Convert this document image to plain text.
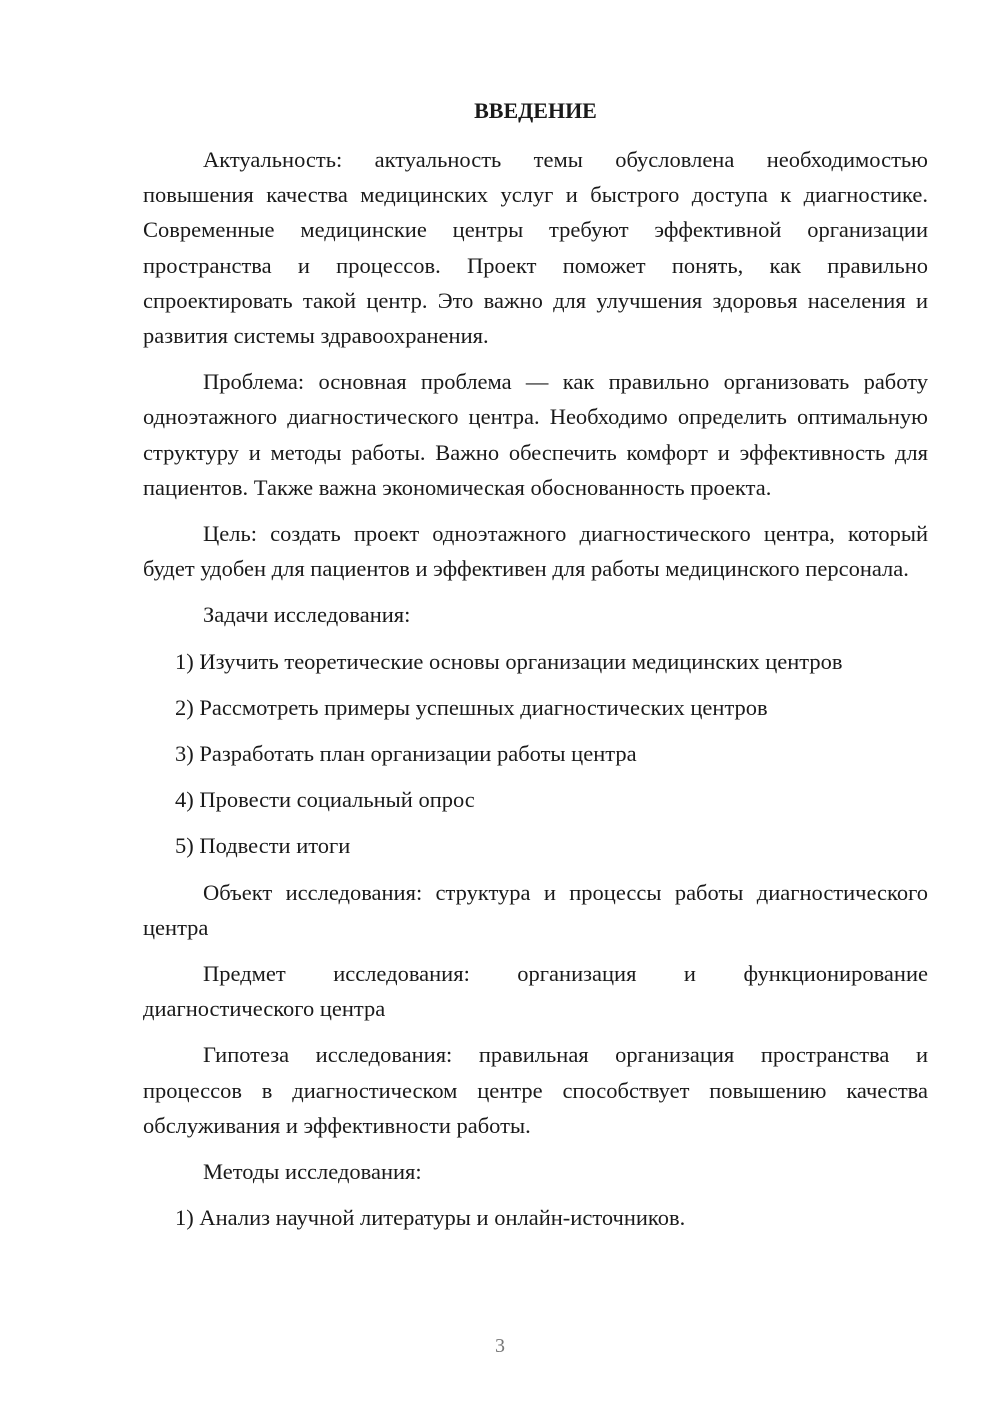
ВВЕДЕНИЕ

Актуальность: актуальность темы обусловлена необходимостью повышения качества медицинских услуг и быстрого доступа к диагностике. Современные медицинские центры требуют эффективной организации пространства и процессов. Проект поможет понять, как правильно спроектировать такой центр. Это важно для улучшения здоровья населения и развития системы здравоохранения.

Проблема: основная проблема — как правильно организовать работу одноэтажного диагностического центра. Необходимо определить оптимальную структуру и методы работы. Важно обеспечить комфорт и эффективность для пациентов. Также важна экономическая обоснованность проекта.

Цель: создать проект одноэтажного диагностического центра, который будет удобен для пациентов и эффективен для работы медицинского персонала.

Задачи исследования:

1) Изучить теоретические основы организации медицинских центров

2) Рассмотреть примеры успешных диагностических центров

3) Разработать план организации работы центра

4) Провести социальный опрос

5) Подвести итоги

Объект исследования: структура и процессы работы диагностического центра

Предмет исследования: организация и функционирование диагностического центра

Гипотеза исследования: правильная организация пространства и процессов в диагностическом центре способствует повышению качества обслуживания и эффективности работы.

Методы исследования:

1) Анализ научной литературы и онлайн-источников.

3
